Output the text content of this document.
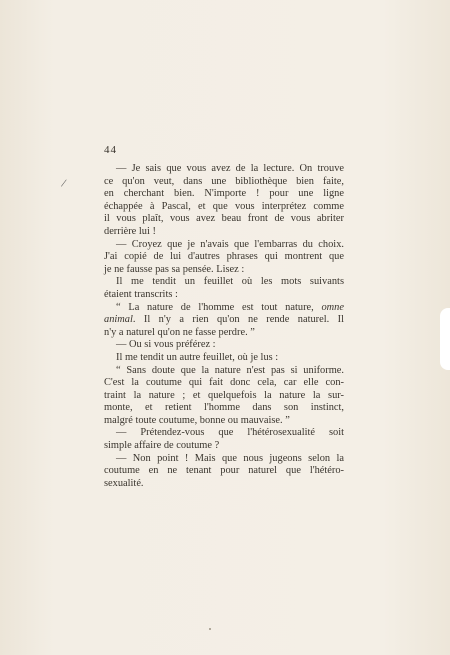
44
/
— Je sais que vous avez de la lecture. On trouve
ce qu'on veut, dans une bibliothèque bien faite,
en cherchant bien. N'importe ! pour une ligne
échappée à Pascal, et que vous interprétez comme
il vous plaît, vous avez beau front de vous abriter
derrière lui !
— Croyez que je n'avais que l'embarras du choix.
J'ai copié de lui d'autres phrases qui montrent que
je ne fausse pas sa pensée. Lisez :
Il me tendit un feuillet où les mots suivants
étaient transcrits :
“ La nature de l'homme est tout nature, omne
animal. Il n'y a rien qu'on ne rende naturel. Il
n'y a naturel qu'on ne fasse perdre. ”
— Ou si vous préférez :
Il me tendit un autre feuillet, où je lus :
“ Sans doute que la nature n'est pas si uniforme.
C'est la coutume qui fait donc cela, car elle con-
traint la nature ; et quelquefois la nature la sur-
monte, et retient l'homme dans son instinct,
malgré toute coutume, bonne ou mauvaise. ”
— Prétendez-vous que l'hétérosexualité soit
simple affaire de coutume ?
— Non point ! Mais que nous jugeons selon la
coutume en ne tenant pour naturel que l'hétéro-
sexualité.
